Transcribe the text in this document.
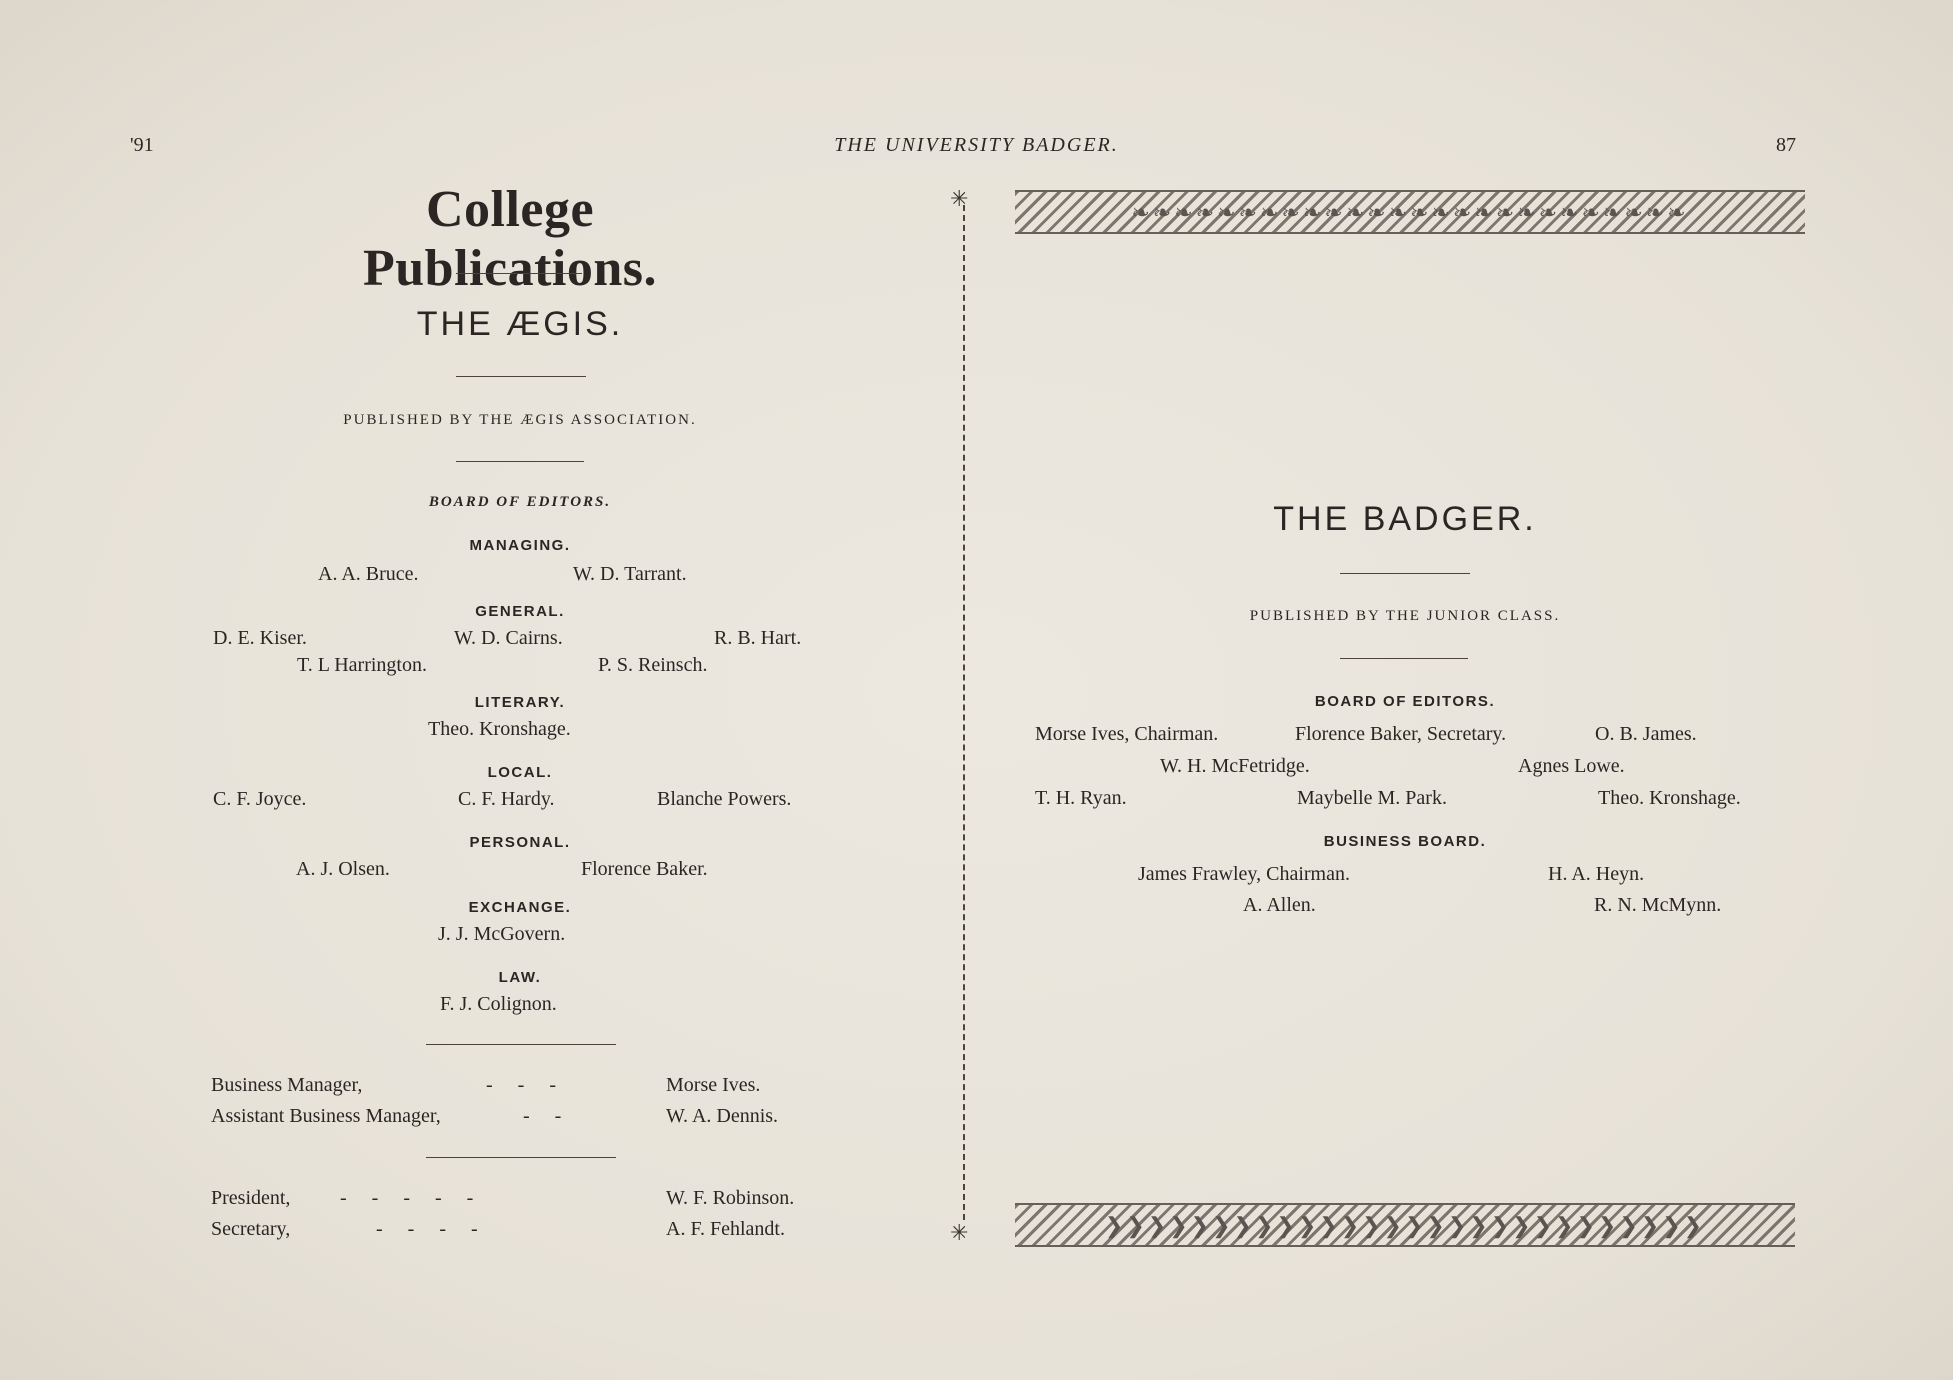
'91	THE UNIVERSITY BADGER.	87
College Publications.
THE ÆGIS.
PUBLISHED BY THE ÆGIS ASSOCIATION.
BOARD OF EDITORS.
MANAGING.
A. A. Bruce.	W. D. Tarrant.
GENERAL.
D. E. Kiser.	W. D. Cairns.	R. B. Hart.
T. L Harrington.	P. S. Reinsch.
LITERARY.
Theo. Kronshage.
LOCAL.
C. F. Joyce.	C. F. Hardy.	Blanche Powers.
PERSONAL.
A. J. Olsen.	Florence Baker.
EXCHANGE.
J. J. McGovern.
LAW.
F. J. Colignon.
Business Manager,	-     -     -	Morse Ives.
Assistant Business Manager,	-     -	W. A. Dennis.
President, -     -     -     -     -	W. F. Robinson.
Secretary,	-     -     -     -	A. F. Fehlandt.
✳
✳
❧❧❧❧❧❧❧❧❧❧❧❧❧❧❧❧❧❧❧❧❧❧❧❧❧❧
THE BADGER.
PUBLISHED BY THE JUNIOR CLASS.
BOARD OF EDITORS.
Morse Ives, Chairman.	Florence Baker, Secretary.	O. B. James.
W. H. McFetridge.	Agnes Lowe.
T. H. Ryan.	Maybelle M. Park.	Theo. Kronshage.
BUSINESS BOARD.
James Frawley, Chairman.	H. A. Heyn.
A. Allen.	R. N. McMynn.
❯❯❯❯❯❯❯❯❯❯❯❯❯❯❯❯❯❯❯❯❯❯❯❯❯❯❯❯
